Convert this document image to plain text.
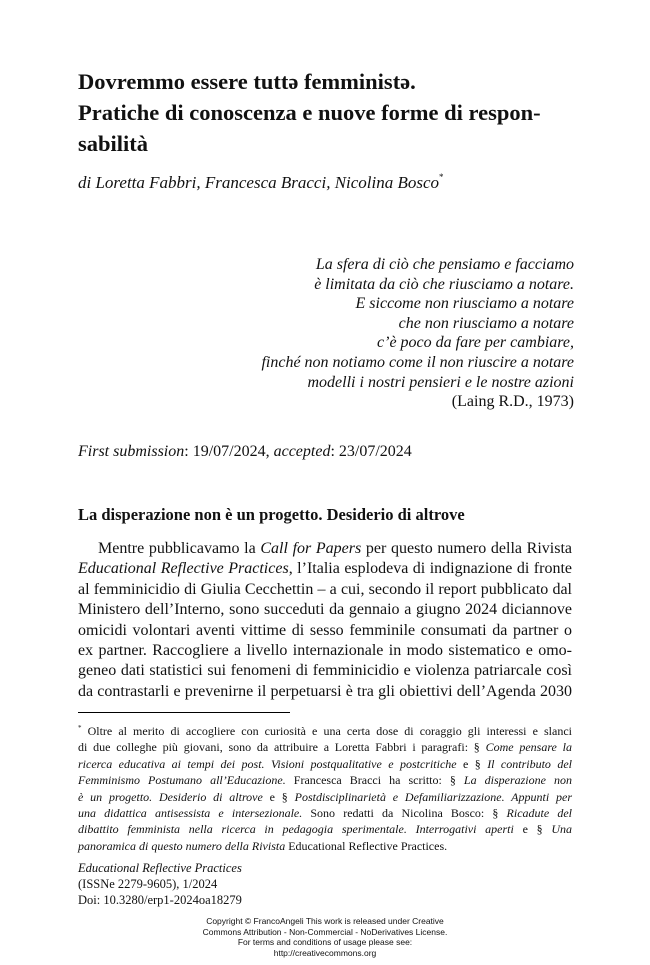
Dovremmo essere tuttə femministə.
Pratiche di conoscenza e nuove forme di respon-
sabilità
di Loretta Fabbri, Francesca Bracci, Nicolina Bosco*
La sfera di ciò che pensiamo e facciamo
è limitata da ciò che riusciamo a notare.
E siccome non riusciamo a notare
che non riusciamo a notare
c’è poco da fare per cambiare,
finché non notiamo come il non riuscire a notare
modelli i nostri pensieri e le nostre azioni
(Laing R.D., 1973)
First submission: 19/07/2024, accepted: 23/07/2024
La disperazione non è un progetto. Desiderio di altrove
Mentre pubblicavamo la Call for Papers per questo numero della Rivista
Educational Reflective Practices, l’Italia esplodeva di indignazione di fronte
al femminicidio di Giulia Cecchettin – a cui, secondo il report pubblicato dal
Ministero dell’Interno, sono succeduti da gennaio a giugno 2024 diciannove
omicidi volontari aventi vittime di sesso femminile consumati da partner o
ex partner. Raccogliere a livello internazionale in modo sistematico e omo-
geneo dati statistici sui fenomeni di femminicidio e violenza patriarcale così
da contrastarli e prevenirne il perpetuarsi è tra gli obiettivi dell’Agenda 2030
* Oltre al merito di accogliere con curiosità e una certa dose di coraggio gli interessi e slanci
di due colleghe più giovani, sono da attribuire a Loretta Fabbri i paragrafi: § Come pensare la
ricerca educativa ai tempi dei post. Visioni postqualitative e postcritiche e § Il contributo del
Femminismo Postumano all’Educazione. Francesca Bracci ha scritto: § La disperazione non
è un progetto. Desiderio di altrove e § Postdisciplinarietà e Defamiliarizzazione. Appunti per
una didattica antisessista e intersezionale. Sono redatti da Nicolina Bosco: § Ricadute del
dibattito femminista nella ricerca in pedagogia sperimentale. Interrogativi aperti e § Una
panoramica di questo numero della Rivista Educational Reflective Practices.
Educational Reflective Practices
(ISSNe 2279-9605), 1/2024
Doi: 10.3280/erp1-2024oa18279
Copyright © FrancoAngeli This work is released under Creative
Commons Attribution - Non-Commercial - NoDerivatives License.
For terms and conditions of usage please see:
http://creativecommons.org
